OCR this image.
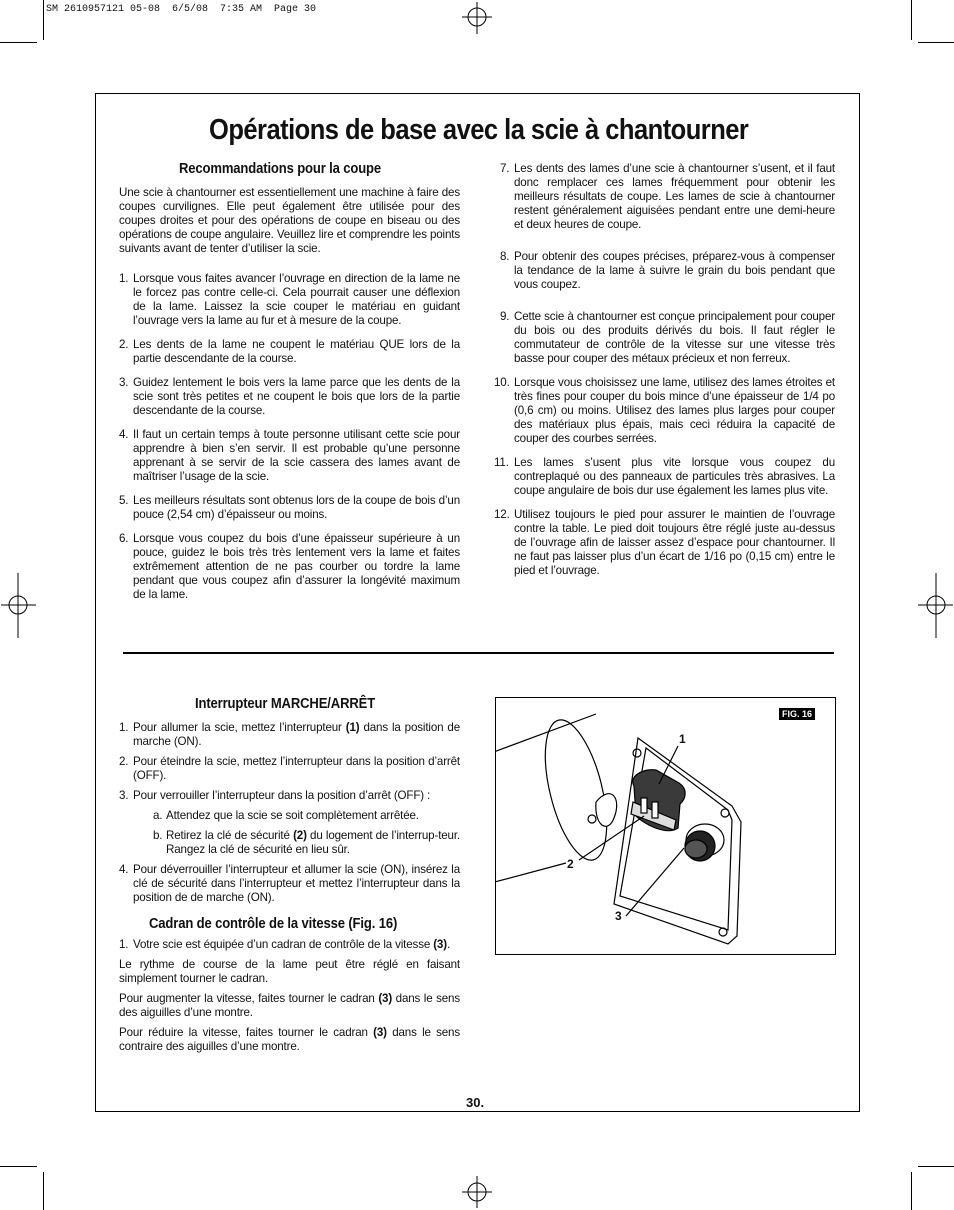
SM 2610957121 05-08  6/5/08  7:35 AM  Page 30
Opérations de base avec la scie à chantourner
Recommandations pour la coupe

Une scie à chantourner est essentiellement une machine à faire des coupes curvilignes. Elle peut également être utilisée pour des coupes droites et pour des opérations de coupe en biseau ou des opérations de coupe angulaire. Veuillez lire et comprendre les points suivants avant de tenter d’utiliser la scie.

1. Lorsque vous faites avancer l’ouvrage en direction de la lame ne le forcez pas contre celle-ci. Cela pourrait causer une déflexion de la lame. Laissez la scie couper le matériau en guidant l’ouvrage vers la lame au fur et à mesure de la coupe.
2. Les dents de la lame ne coupent le matériau QUE lors de la partie descendante de la course.
3. Guidez lentement le bois vers la lame parce que les dents de la scie sont très petites et ne coupent le bois que lors de la partie descendante de la course.
4. Il faut un certain temps à toute personne utilisant cette scie pour apprendre à bien s’en servir. Il est probable qu’une personne apprenant à se servir de la scie cassera des lames avant de maîtriser l’usage de la scie.
5. Les meilleurs résultats sont obtenus lors de la coupe de bois d’un pouce (2,54 cm) d’épaisseur ou moins.
6. Lorsque vous coupez du bois d’une épaisseur supérieure à un pouce, guidez le bois très très lentement vers la lame et faites extrêmement attention de ne pas courber ou tordre la lame pendant que vous coupez afin d’assurer la longévité maximum de la lame.
7. Les dents des lames d’une scie à chantourner s’usent, et il faut donc remplacer ces lames fréquemment pour obtenir les meilleurs résultats de coupe. Les lames de scie à chantourner restent généralement aiguisées pendant entre une demi-heure et deux heures de coupe.
8. Pour obtenir des coupes précises, préparez-vous à compenser la tendance de la lame à suivre le grain du bois pendant que vous coupez.
9. Cette scie à chantourner est conçue principalement pour couper du bois ou des produits dérivés du bois. Il faut régler le commutateur de contrôle de la vitesse sur une vitesse très basse pour couper des métaux précieux et non ferreux.
10. Lorsque vous choisissez une lame, utilisez des lames étroites et très fines pour couper du bois mince d’une épaisseur de 1/4 po (0,6 cm) ou moins. Utilisez des lames plus larges pour couper des matériaux plus épais, mais ceci réduira la capacité de couper des courbes serrées.
11. Les lames s’usent plus vite lorsque vous coupez du contreplaqué ou des panneaux de particules très abrasives. La coupe angulaire de bois dur use également les lames plus vite.
12. Utilisez toujours le pied pour assurer le maintien de l’ouvrage contre la table. Le pied doit toujours être réglé juste au-dessus de l’ouvrage afin de laisser assez d’espace pour chantourner. Il ne faut pas laisser plus d’un écart de 1/16 po (0,15 cm) entre le pied et l’ouvrage.
Interrupteur MARCHE/ARRÊT
1. Pour allumer la scie, mettez l’interrupteur (1) dans la position de marche (ON).
2. Pour éteindre la scie, mettez l’interrupteur dans la position d’arrêt (OFF).
3. Pour verrouiller l’interrupteur dans la position d’arrêt (OFF) :
a. Attendez que la scie se soit complètement arrêtée.
b. Retirez la clé de sécurité (2) du logement de l’interrup-teur. Rangez la clé de sécurité en lieu sûr.
4. Pour déverrouiller l’interrupteur et allumer la scie (ON), insérez la clé de sécurité dans l’interrupteur et mettez l’interrupteur dans la position de de marche (ON).
Cadran de contrôle de la vitesse (Fig. 16)
1. Votre scie est équipée d’un cadran de contrôle de la vitesse (3).

Le rythme de course de la lame peut être réglé en faisant simplement tourner le cadran.

Pour augmenter la vitesse, faites tourner le cadran (3) dans le sens des aiguilles d’une montre.

Pour réduire la vitesse, faites tourner le cadran (3) dans le sens contraire des aiguilles d’une montre.

FIG. 16
1
2
3
30.
